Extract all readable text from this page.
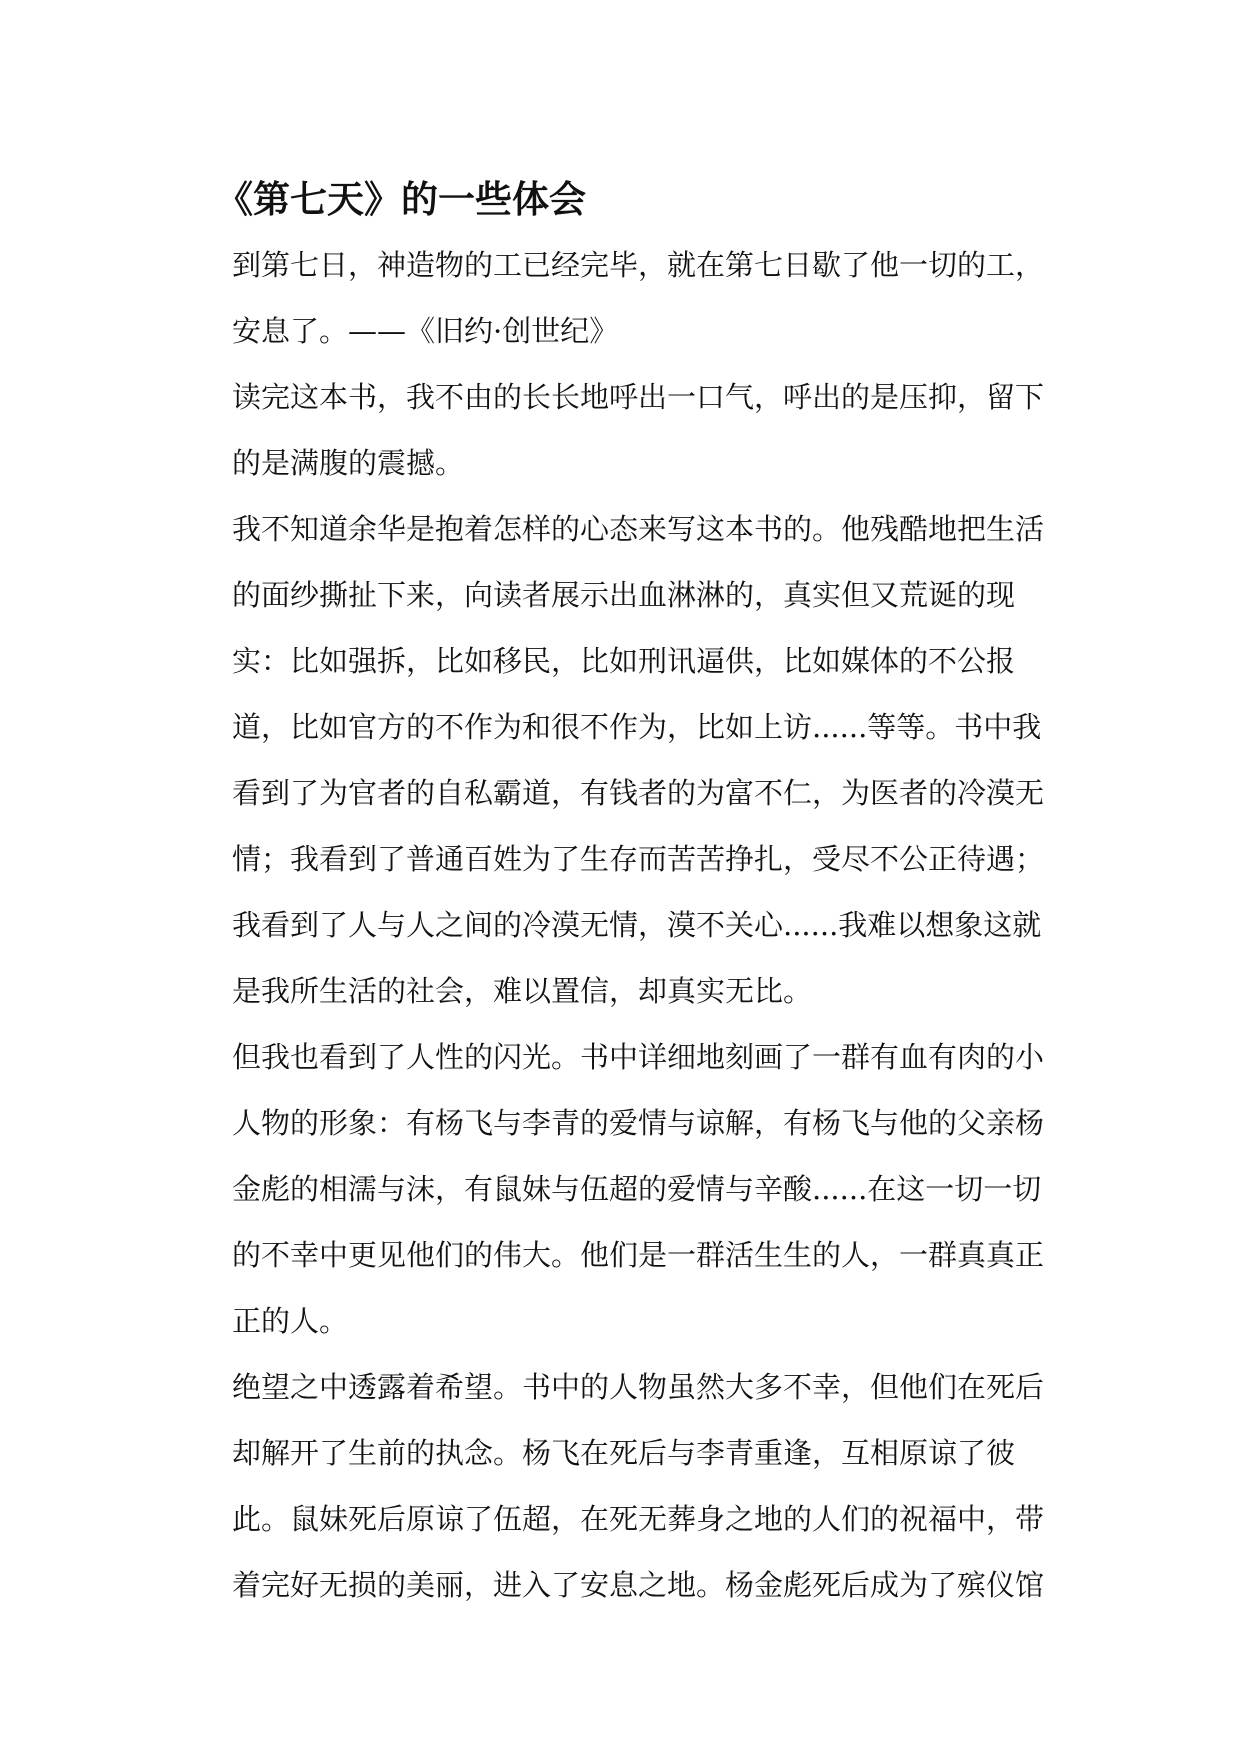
《第七天》的一些体会
到第七日，神造物的工已经完毕，就在第七日歇了他一切的工，
安息了。——《旧约·创世纪》
读完这本书，我不由的长长地呼出一口气，呼出的是压抑，留下
的是满腹的震撼。
我不知道余华是抱着怎样的心态来写这本书的。他残酷地把生活
的面纱撕扯下来，向读者展示出血淋淋的，真实但又荒诞的现
实：比如强拆，比如移民，比如刑讯逼供，比如媒体的不公报
道，比如官方的不作为和很不作为，比如上访......等等。书中我
看到了为官者的自私霸道，有钱者的为富不仁，为医者的冷漠无
情；我看到了普通百姓为了生存而苦苦挣扎，受尽不公正待遇；
我看到了人与人之间的冷漠无情，漠不关心......我难以想象这就
是我所生活的社会，难以置信，却真实无比。
但我也看到了人性的闪光。书中详细地刻画了一群有血有肉的小
人物的形象：有杨飞与李青的爱情与谅解，有杨飞与他的父亲杨
金彪的相濡与沫，有鼠妹与伍超的爱情与辛酸......在这一切一切
的不幸中更见他们的伟大。他们是一群活生生的人，一群真真正
正的人。
绝望之中透露着希望。书中的人物虽然大多不幸，但他们在死后
却解开了生前的执念。杨飞在死后与李青重逢，互相原谅了彼
此。鼠妹死后原谅了伍超，在死无葬身之地的人们的祝福中，带
着完好无损的美丽，进入了安息之地。杨金彪死后成为了殡仪馆
